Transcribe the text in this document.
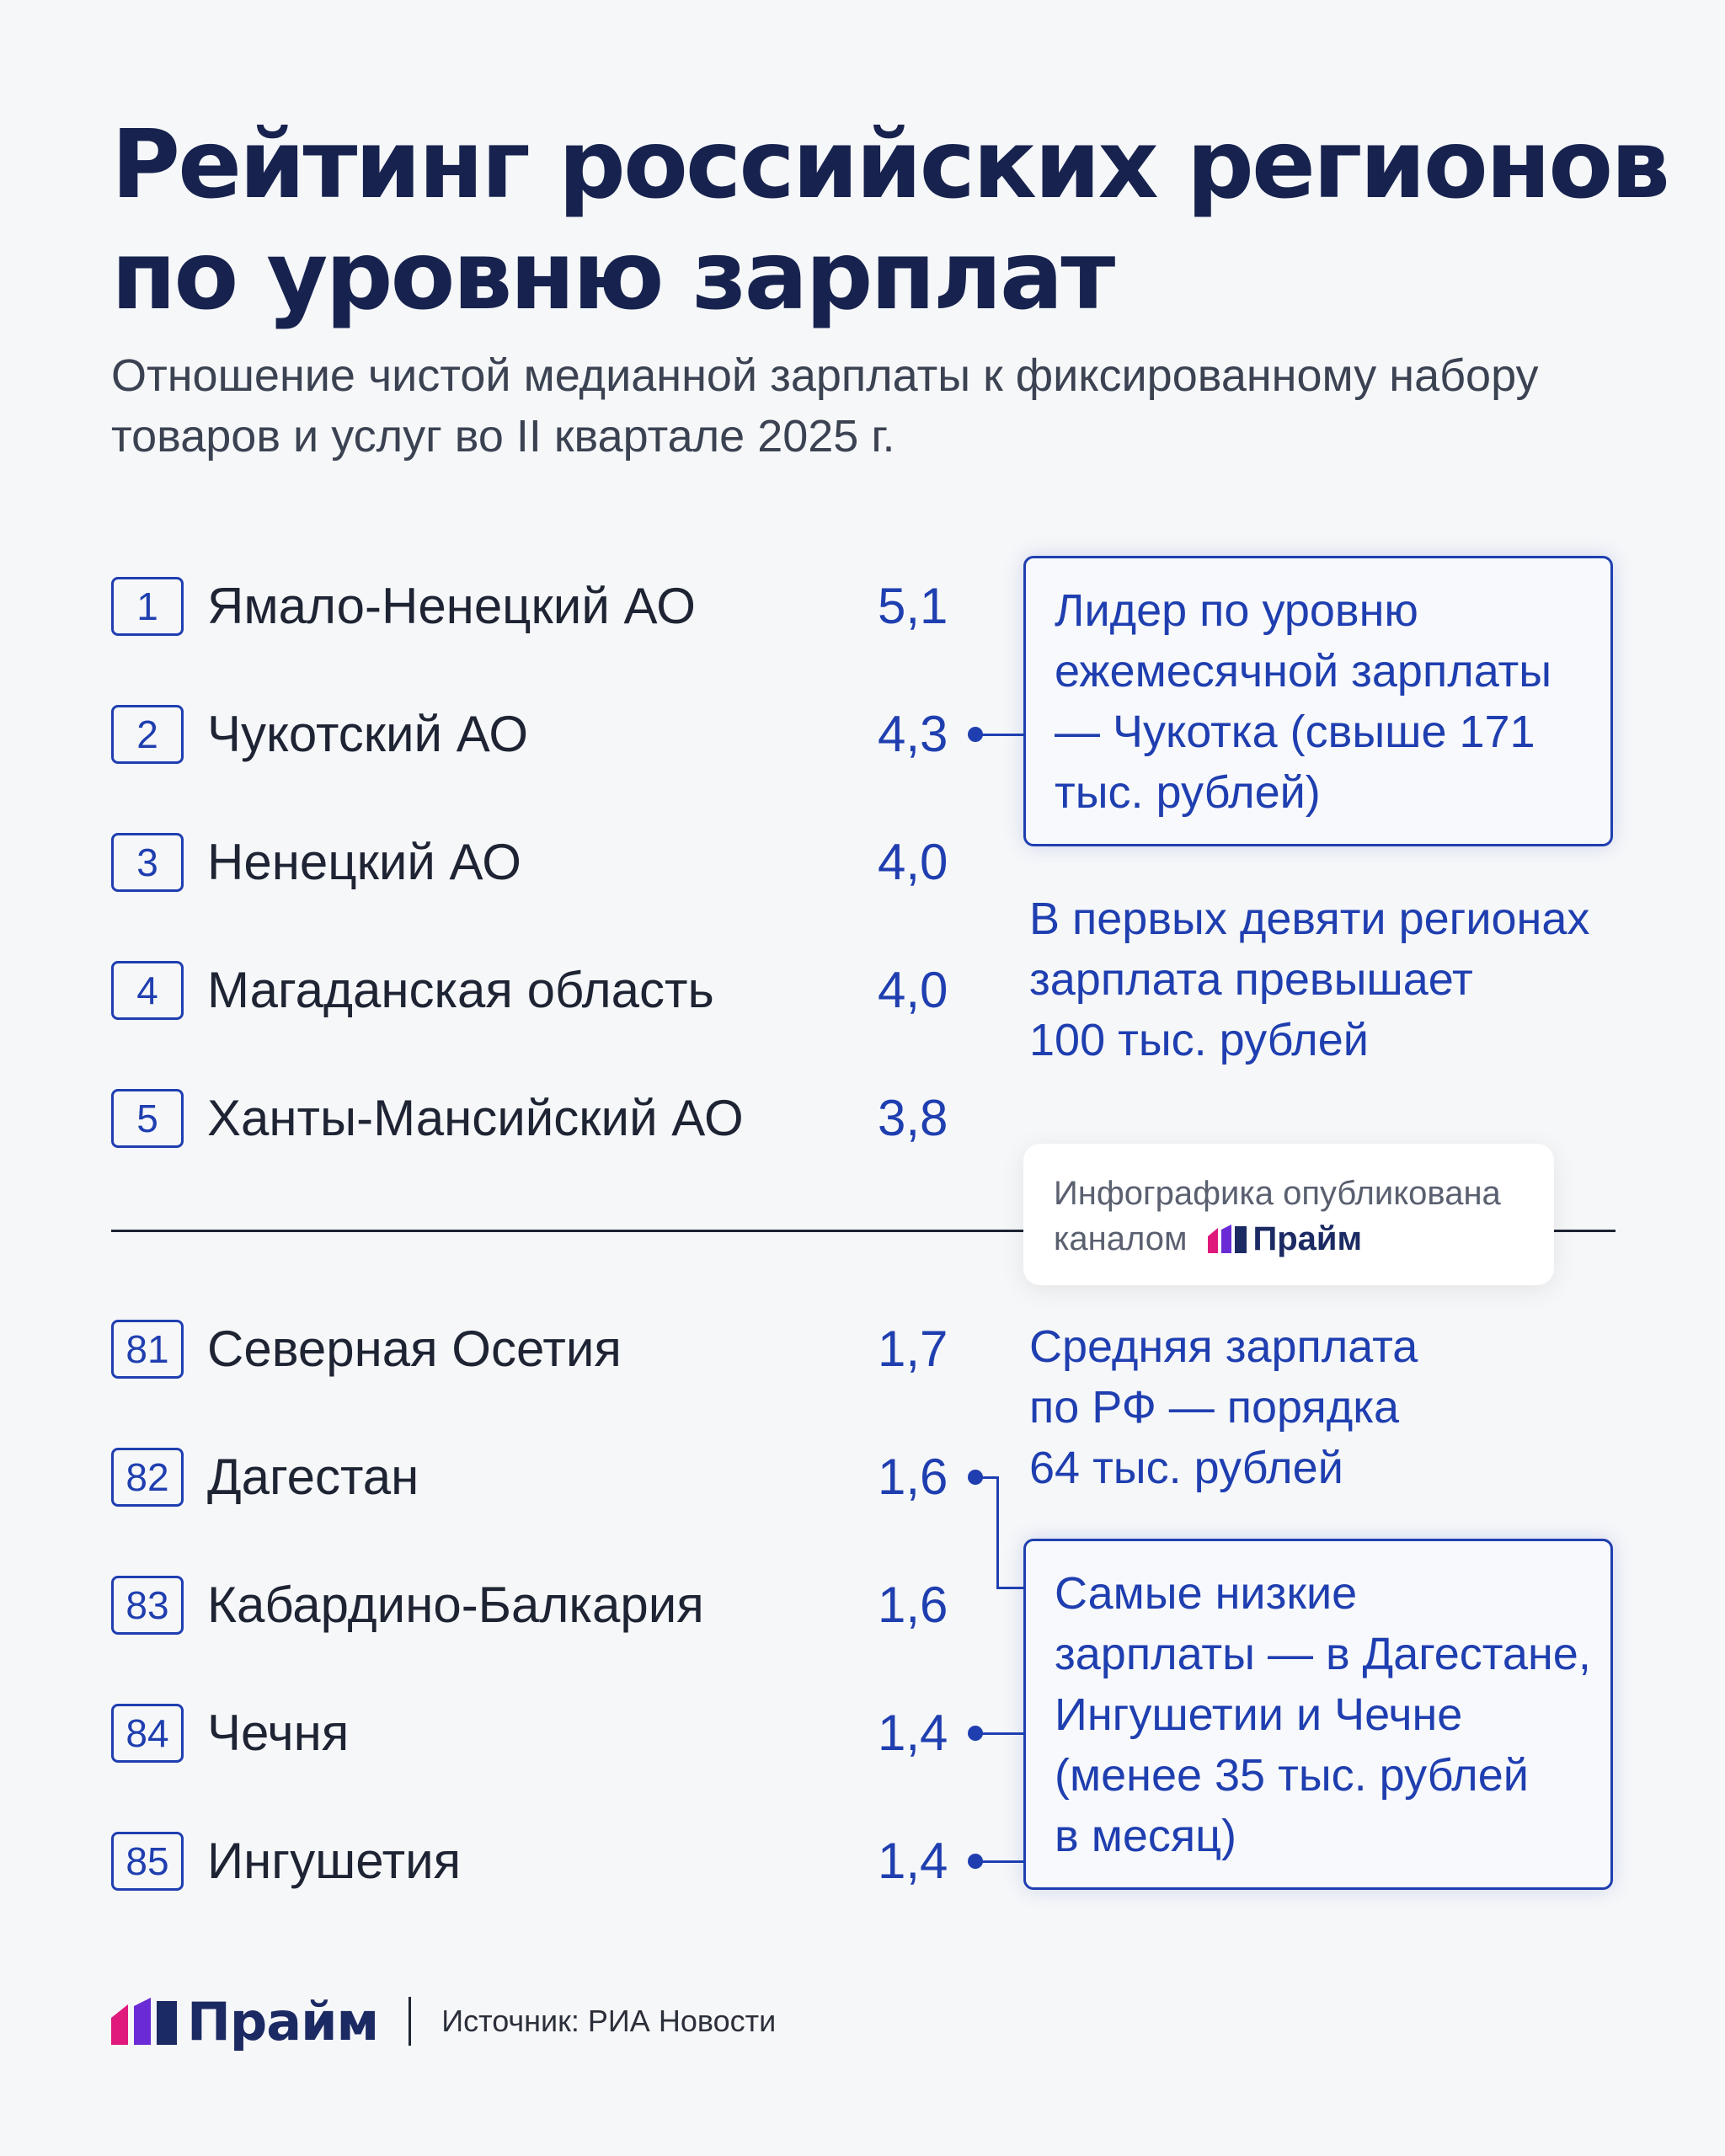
Рейтинг российских регионов
по уровню зарплат
Отношение чистой медианной зарплаты к фиксированному набору
товаров и услуг во II квартале 2025 г.
1 Ямало-Ненецкий АО	5,1
2 Чукотский АО	4,3
3 Ненецкий АО	4,0
4 Магаданская область	4,0
5 Ханты-Мансийский АО	3,8
Лидер по уровню
ежемесячной зарплаты
— Чукотка (свыше 171
тыс. рублей)
В первых девяти регионах
зарплата превышает
100 тыс. рублей
Инфографика опубликована
каналом Прайм
81 Северная Осетия	1,7
82 Дагестан	1,6
83 Кабардино-Балкария	1,6
84 Чечня	1,4
85 Ингушетия	1,4
Средняя зарплата
по РФ — порядка
64 тыс. рублей
Самые низкие
зарплаты — в Дагестане,
Ингушетии и Чечне
(менее 35 тыс. рублей
в месяц)
Прайм Источник: РИА Новости
